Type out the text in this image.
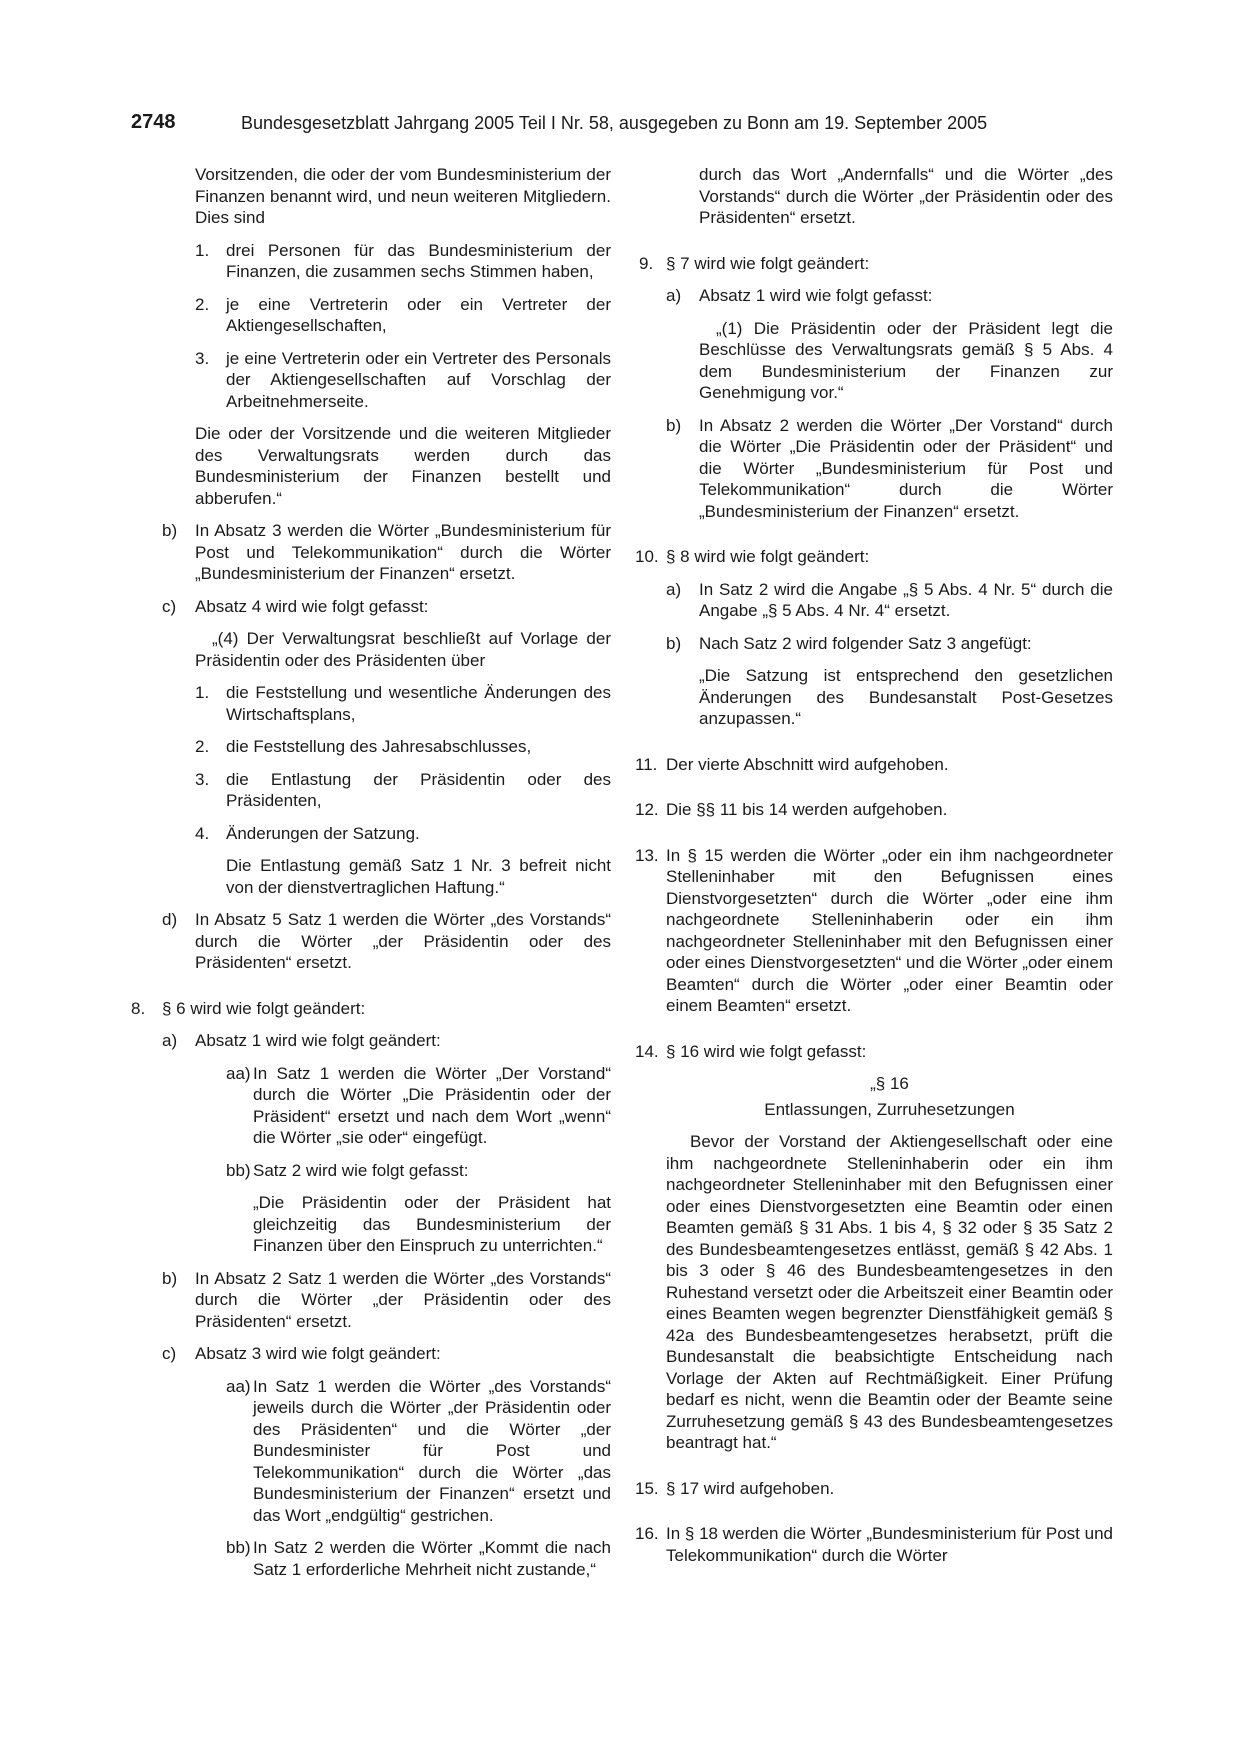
2748	Bundesgesetzblatt Jahrgang 2005 Teil I Nr. 58, ausgegeben zu Bonn am 19. September 2005
Vorsitzenden, die oder der vom Bundesministerium der Finanzen benannt wird, und neun weiteren Mitgliedern. Dies sind
1. drei Personen für das Bundesministerium der Finanzen, die zusammen sechs Stimmen haben,
2. je eine Vertreterin oder ein Vertreter der Aktiengesellschaften,
3. je eine Vertreterin oder ein Vertreter des Personals der Aktiengesellschaften auf Vorschlag der Arbeitnehmerseite.
Die oder der Vorsitzende und die weiteren Mitglieder des Verwaltungsrats werden durch das Bundesministerium der Finanzen bestellt und abberufen.“
b) In Absatz 3 werden die Wörter „Bundesministerium für Post und Telekommunikation“ durch die Wörter „Bundesministerium der Finanzen“ ersetzt.
c) Absatz 4 wird wie folgt gefasst:
„(4) Der Verwaltungsrat beschließt auf Vorlage der Präsidentin oder des Präsidenten über
1. die Feststellung und wesentliche Änderungen des Wirtschaftsplans,
2. die Feststellung des Jahresabschlusses,
3. die Entlastung der Präsidentin oder des Präsidenten,
4. Änderungen der Satzung.
Die Entlastung gemäß Satz 1 Nr. 3 befreit nicht von der dienstvertraglichen Haftung.“
d) In Absatz 5 Satz 1 werden die Wörter „des Vorstands“ durch die Wörter „der Präsidentin oder des Präsidenten“ ersetzt.
8. § 6 wird wie folgt geändert:
a) Absatz 1 wird wie folgt geändert:
aa) In Satz 1 werden die Wörter „Der Vorstand“ durch die Wörter „Die Präsidentin oder der Präsident“ ersetzt und nach dem Wort „wenn“ die Wörter „sie oder“ eingefügt.
bb) Satz 2 wird wie folgt gefasst:
„Die Präsidentin oder der Präsident hat gleichzeitig das Bundesministerium der Finanzen über den Einspruch zu unterrichten.“
b) In Absatz 2 Satz 1 werden die Wörter „des Vorstands“ durch die Wörter „der Präsidentin oder des Präsidenten“ ersetzt.
c) Absatz 3 wird wie folgt geändert:
aa) In Satz 1 werden die Wörter „des Vorstands“ jeweils durch die Wörter „der Präsidentin oder des Präsidenten“ und die Wörter „der Bundesminister für Post und Telekommunikation“ durch die Wörter „das Bundesministerium der Finanzen“ ersetzt und das Wort „endgültig“ gestrichen.
bb) In Satz 2 werden die Wörter „Kommt die nach Satz 1 erforderliche Mehrheit nicht zustande,“
durch das Wort „Andernfalls“ und die Wörter „des Vorstands“ durch die Wörter „der Präsidentin oder des Präsidenten“ ersetzt.
9. § 7 wird wie folgt geändert:
a) Absatz 1 wird wie folgt gefasst:
„(1) Die Präsidentin oder der Präsident legt die Beschlüsse des Verwaltungsrats gemäß § 5 Abs. 4 dem Bundesministerium der Finanzen zur Genehmigung vor.“
b) In Absatz 2 werden die Wörter „Der Vorstand“ durch die Wörter „Die Präsidentin oder der Präsident“ und die Wörter „Bundesministerium für Post und Telekommunikation“ durch die Wörter „Bundesministerium der Finanzen“ ersetzt.
10. § 8 wird wie folgt geändert:
a) In Satz 2 wird die Angabe „§ 5 Abs. 4 Nr. 5“ durch die Angabe „§ 5 Abs. 4 Nr. 4“ ersetzt.
b) Nach Satz 2 wird folgender Satz 3 angefügt:
„Die Satzung ist entsprechend den gesetzlichen Änderungen des Bundesanstalt Post-Gesetzes anzupassen.“
11. Der vierte Abschnitt wird aufgehoben.
12. Die §§ 11 bis 14 werden aufgehoben.
13. In § 15 werden die Wörter „oder ein ihm nachgeordneter Stelleninhaber mit den Befugnissen eines Dienstvorgesetzten“ durch die Wörter „oder eine ihm nachgeordnete Stelleninhaberin oder ein ihm nachgeordneter Stelleninhaber mit den Befugnissen einer oder eines Dienstvorgesetzten“ und die Wörter „oder einem Beamten“ durch die Wörter „oder einer Beamtin oder einem Beamten“ ersetzt.
14. § 16 wird wie folgt gefasst:
„§ 16
Entlassungen, Zurruhesetzungen
Bevor der Vorstand der Aktiengesellschaft oder eine ihm nachgeordnete Stelleninhaberin oder ein ihm nachgeordneter Stelleninhaber mit den Befugnissen einer oder eines Dienstvorgesetzten eine Beamtin oder einen Beamten gemäß § 31 Abs. 1 bis 4, § 32 oder § 35 Satz 2 des Bundesbeamtengesetzes entlässt, gemäß § 42 Abs. 1 bis 3 oder § 46 des Bundesbeamtengesetzes in den Ruhestand versetzt oder die Arbeitszeit einer Beamtin oder eines Beamten wegen begrenzter Dienstfähigkeit gemäß § 42a des Bundesbeamtengesetzes herabsetzt, prüft die Bundesanstalt die beabsichtigte Entscheidung nach Vorlage der Akten auf Rechtmäßigkeit. Einer Prüfung bedarf es nicht, wenn die Beamtin oder der Beamte seine Zurruhesetzung gemäß § 43 des Bundesbeamtengesetzes beantragt hat.“
15. § 17 wird aufgehoben.
16. In § 18 werden die Wörter „Bundesministerium für Post und Telekommunikation“ durch die Wörter
